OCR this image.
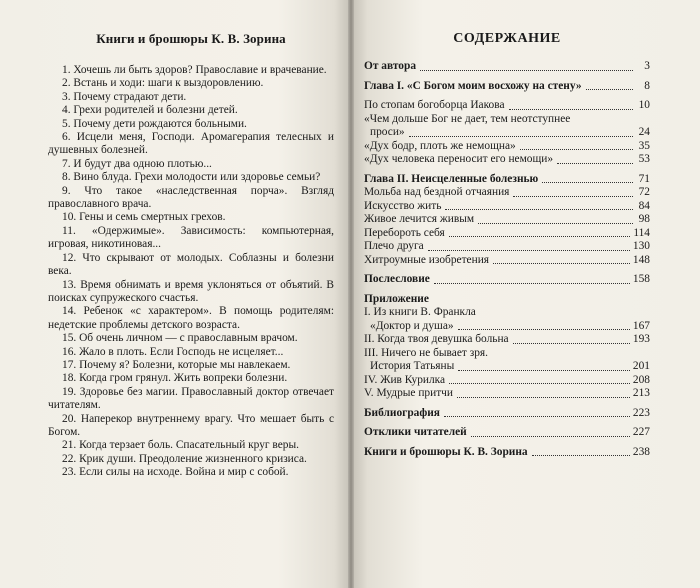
Книги и брошюры К. В. Зорина

1. Хочешь ли быть здоров? Православие и врачевание.

2. Встань и ходи: шаги к выздоровлению.

3. Почему страдают дети.

4. Грехи родителей и болезни детей.

5. Почему дети рождаются больными.

6. Исцели меня, Господи. Аромагерапия телесных и душевных болезней.

7. И будут два одною плотью...

8. Вино блуда. Грехи молодости или здоровье семьи?

9. Что такое «наследственная порча». Взгляд православного врача.

10. Гены и семь смертных грехов.

11. «Одержимые». Зависимость: компьютерная, игровая, никотиновая...

12. Что скрывают от молодых. Соблазны и болезни века.

13. Время обнимать и время уклоняться от объятий. В поисках супружеского счастья.

14. Ребенок «с характером». В помощь родителям: недетские проблемы детского возраста.

15. Об очень личном — с православным врачом.

16. Жало в плоть. Если Господь не исцеляет...

17. Почему я? Болезни, которые мы навлекаем.

18. Когда гром грянул. Жить вопреки болезни.

19. Здоровье без магии. Православный доктор отвечает читателям.

20. Наперекор внутреннему врагу. Что мешает быть с Богом.

21. Когда терзает боль. Спасательный круг веры.

22. Крик души. Преодоление жизненного кризиса.

23. Если силы на исходе. Война и мир с собой.

СОДЕРЖАНИЕ
От автора	3
Глава I. «С Богом моим восхожу на стену»	8
По стопам богоборца Иакова	10
«Чем дольше Бог не дает, тем неотступнее
проси»	24
«Дух бодр, плоть же немощна»	35
«Дух человека переносит его немощи»	53
Глава II. Неисцеленные болезнью	71
Мольба над бездной отчаяния	72
Искусство жить	84
Живое лечится живым	98
Перебороть себя	114
Плечо друга	130
Хитроумные изобретения	148
Послесловие	158
Приложение
I. Из книги В. Франкла
«Доктор и душа»	167
II. Когда твоя девушка больна	193
III. Ничего не бывает зря.
История Татьяны	201
IV. Жив Курилка	208
V. Мудрые притчи	213
Библиография	223
Отклики читателей	227
Книги и брошюры К. В. Зорина	238
